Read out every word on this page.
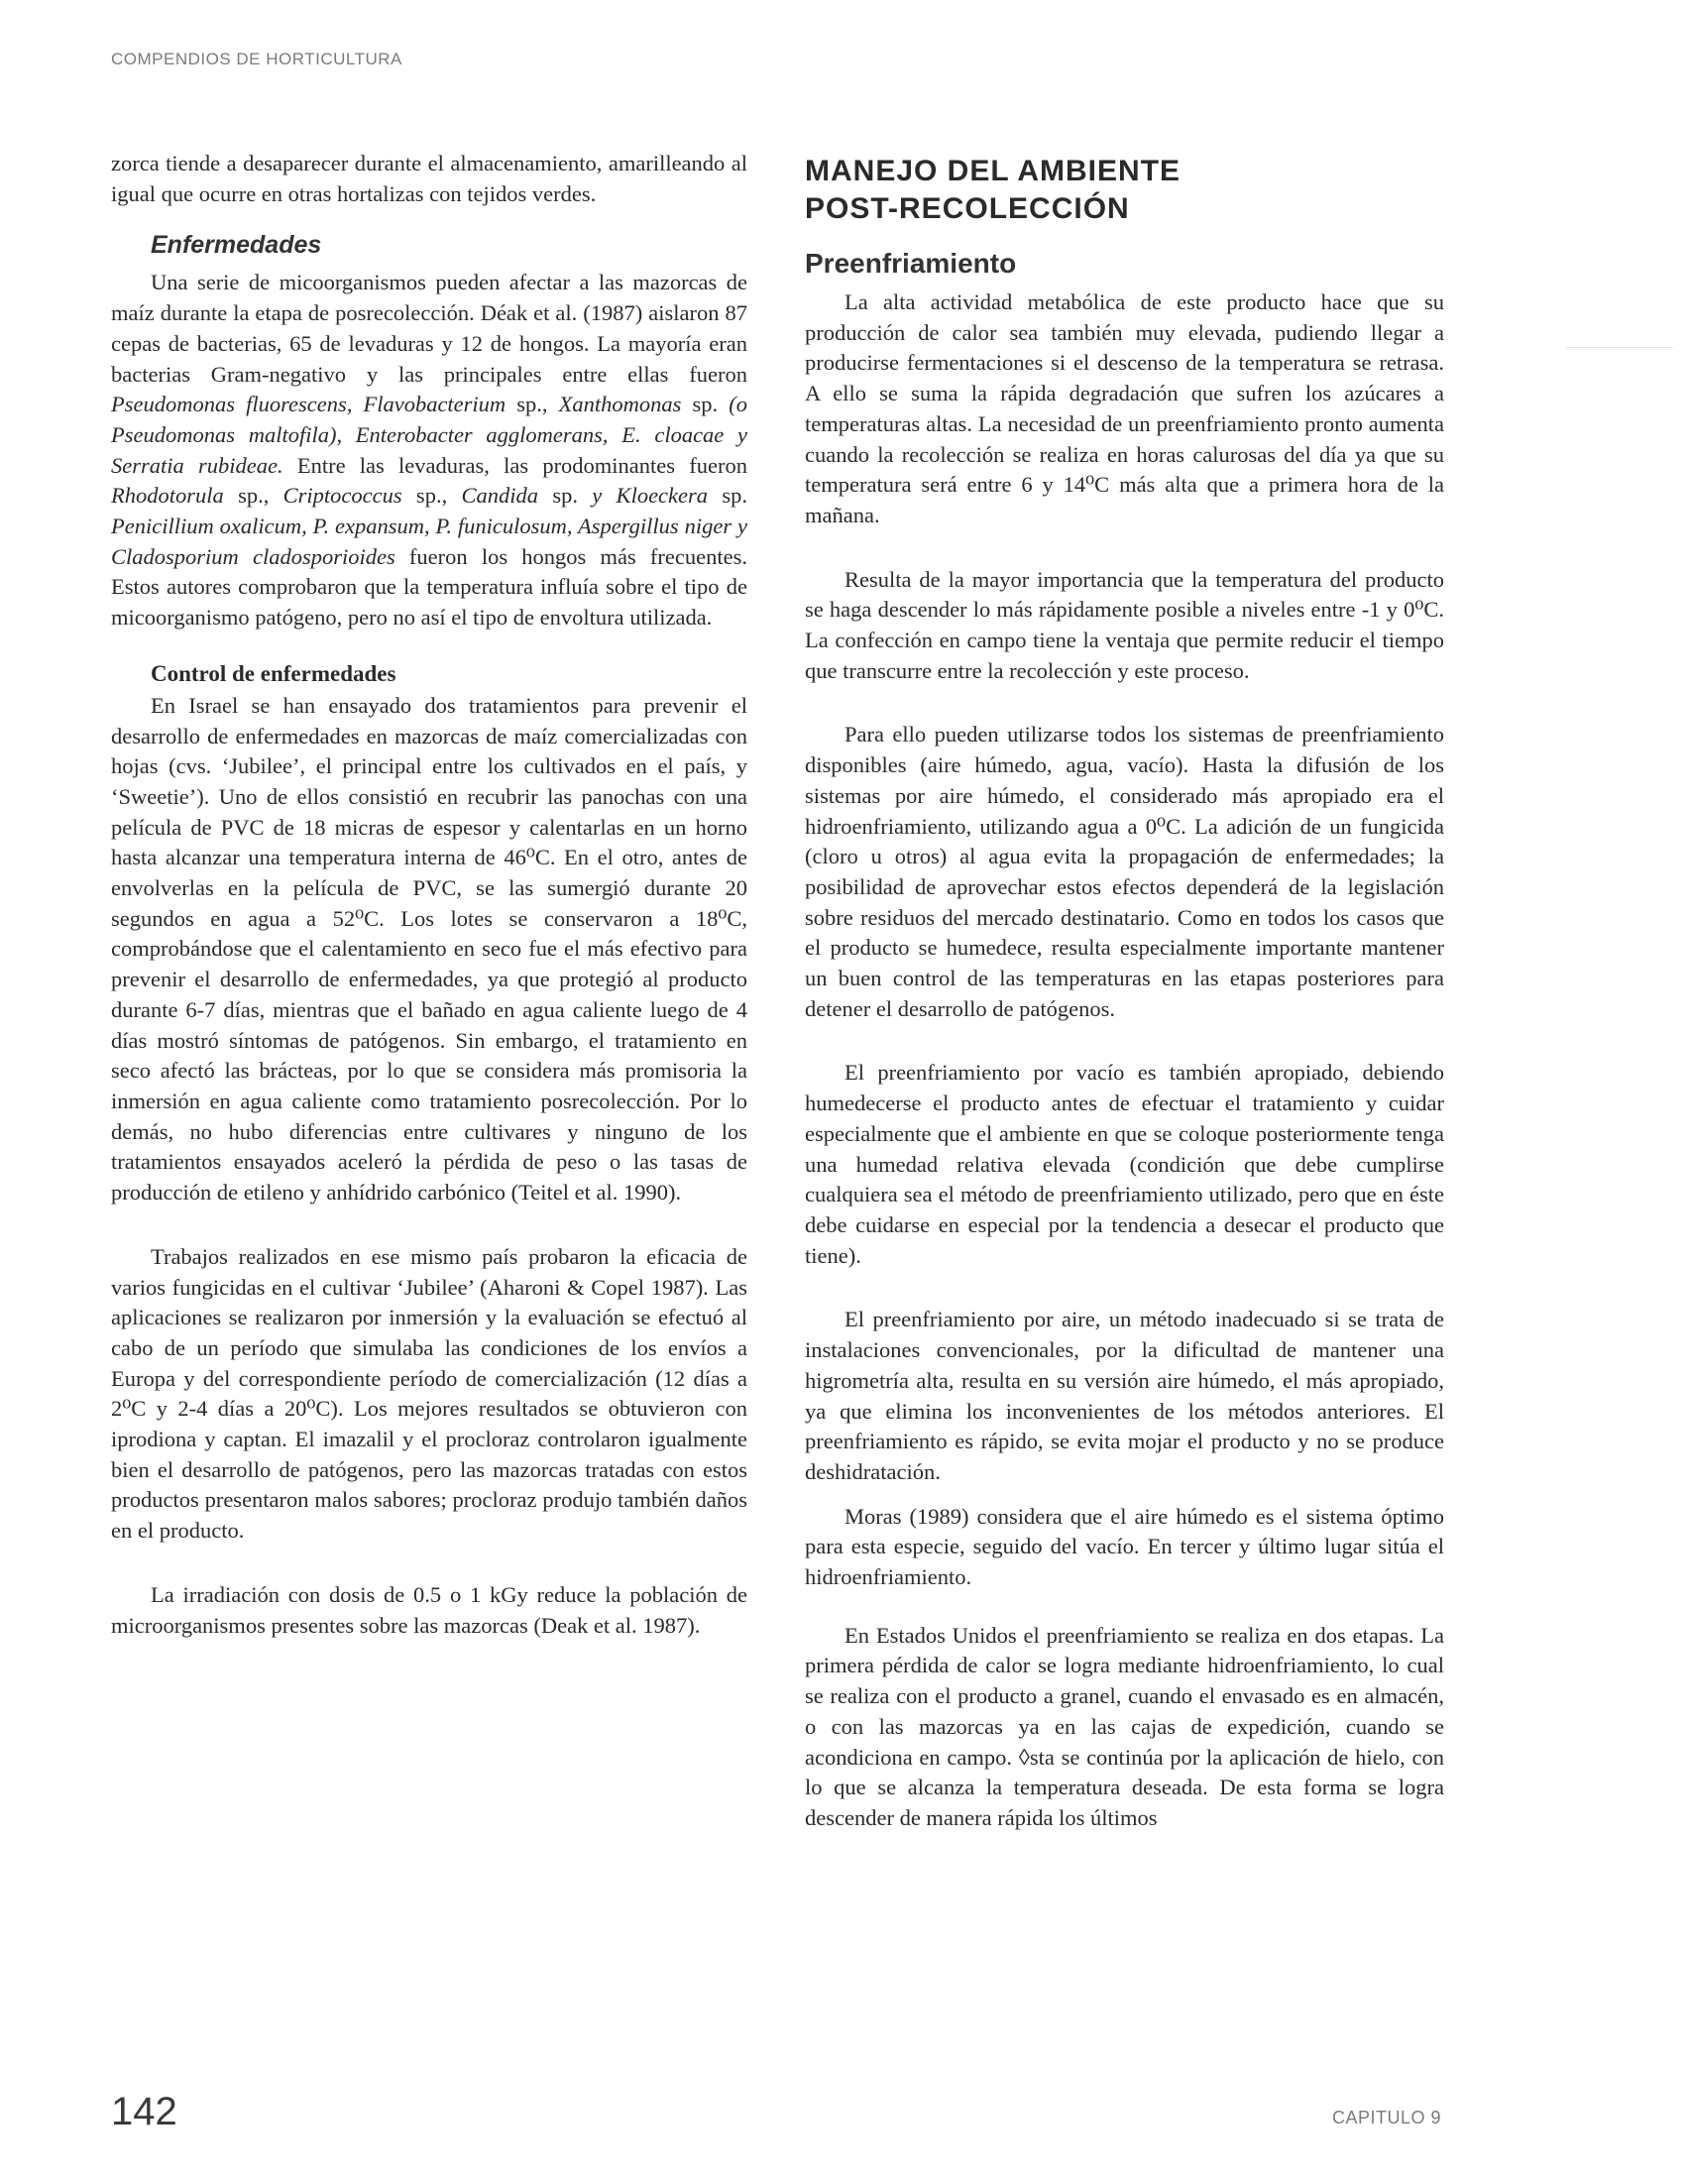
COMPENDIOS DE HORTICULTURA

zorca tiende a desaparecer durante el almacenamiento, amarilleando al igual que ocurre en otras hortalizas con tejidos verdes.

Enfermedades

Una serie de micoorganismos pueden afectar a las mazorcas de maíz durante la etapa de posrecolección. Déak et al. (1987) aislaron 87 cepas de bacterias, 65 de levaduras y 12 de hongos. La mayoría eran bacterias Gram-negativo y las principales entre ellas fueron Pseudomonas fluorescens, Flavobacterium sp., Xanthomonas sp. (o Pseudomonas maltofila), Enterobacter agglomerans, E. cloacae y Serratia rubideae. Entre las levaduras, las prodominantes fueron Rhodotorula sp., Criptococcus sp., Candida sp. y Kloeckera sp. Penicillium oxalicum, P. expansum, P. funiculosum, Aspergillus niger y Cladosporium cladosporioides fueron los hongos más frecuentes. Estos autores comprobaron que la temperatura influía sobre el tipo de micoorganismo patógeno, pero no así el tipo de envoltura utilizada.

Control de enfermedades

En Israel se han ensayado dos tratamientos para prevenir el desarrollo de enfermedades en mazorcas de maíz comercializadas con hojas (cvs. ‘Jubilee’, el principal entre los cultivados en el país, y ‘Sweetie’). Uno de ellos consistió en recubrir las panochas con una película de PVC de 18 micras de espesor y calentarlas en un horno hasta alcanzar una temperatura interna de 46⁰C. En el otro, antes de envolverlas en la película de PVC, se las sumergió durante 20 segundos en agua a 52⁰C. Los lotes se conservaron a 18⁰C, comprobándose que el calentamiento en seco fue el más efectivo para prevenir el desarrollo de enfermedades, ya que protegió al producto durante 6-7 días, mientras que el bañado en agua caliente luego de 4 días mostró síntomas de patógenos. Sin embargo, el tratamiento en seco afectó las brácteas, por lo que se considera más promisoria la inmersión en agua caliente como tratamiento posrecolección. Por lo demás, no hubo diferencias entre cultivares y ninguno de los tratamientos ensayados aceleró la pérdida de peso o las tasas de producción de etileno y anhídrido carbónico (Teitel et al. 1990).

Trabajos realizados en ese mismo país probaron la eficacia de varios fungicidas en el cultivar ‘Jubilee’ (Aharoni & Copel 1987). Las aplicaciones se realizaron por inmersión y la evaluación se efectuó al cabo de un período que simulaba las condiciones de los envíos a Europa y del correspondiente período de comercialización (12 días a 2⁰C y 2-4 días a 20⁰C). Los mejores resultados se obtuvieron con iprodiona y captan. El imazalil y el procloraz controlaron igualmente bien el desarrollo de patógenos, pero las mazorcas tratadas con estos productos presentaron malos sabores; procloraz produjo también daños en el producto.

La irradiación con dosis de 0.5 o 1 kGy reduce la población de microorganismos presentes sobre las mazorcas (Deak et al. 1987).

MANEJO DEL AMBIENTE
POST-RECOLECCIÓN
Preenfriamiento

La alta actividad metabólica de este producto hace que su producción de calor sea también muy elevada, pudiendo llegar a producirse fermentaciones si el descenso de la temperatura se retrasa. A ello se suma la rápida degradación que sufren los azúcares a temperaturas altas. La necesidad de un preenfriamiento pronto aumenta cuando la recolección se realiza en horas calurosas del día ya que su temperatura será entre 6 y 14⁰C más alta que a primera hora de la mañana.

Resulta de la mayor importancia que la temperatura del producto se haga descender lo más rápidamente posible a niveles entre -1 y 0⁰C. La confección en campo tiene la ventaja que permite reducir el tiempo que transcurre entre la recolección y este proceso.

Para ello pueden utilizarse todos los sistemas de preenfriamiento disponibles (aire húmedo, agua, vacío). Hasta la difusión de los sistemas por aire húmedo, el considerado más apropiado era el hidroenfriamiento, utilizando agua a 0⁰C. La adición de un fungicida (cloro u otros) al agua evita la propagación de enfermedades; la posibilidad de aprovechar estos efectos dependerá de la legislación sobre residuos del mercado destinatario. Como en todos los casos que el producto se humedece, resulta especialmente importante mantener un buen control de las temperaturas en las etapas posteriores para detener el desarrollo de patógenos.

El preenfriamiento por vacío es también apropiado, debiendo humedecerse el producto antes de efectuar el tratamiento y cuidar especialmente que el ambiente en que se coloque posteriormente tenga una humedad relativa elevada (condición que debe cumplirse cualquiera sea el método de preenfriamiento utilizado, pero que en éste debe cuidarse en especial por la tendencia a desecar el producto que tiene).

El preenfriamiento por aire, un método inadecuado si se trata de instalaciones convencionales, por la dificultad de mantener una higrometría alta, resulta en su versión aire húmedo, el más apropiado, ya que elimina los inconvenientes de los métodos anteriores. El preenfriamiento es rápido, se evita mojar el producto y no se produce deshidratación.

Moras (1989) considera que el aire húmedo es el sistema óptimo para esta especie, seguido del vacío. En tercer y último lugar sitúa el hidroenfriamiento.

En Estados Unidos el preenfriamiento se realiza en dos etapas. La primera pérdida de calor se logra mediante hidroenfriamiento, lo cual se realiza con el producto a granel, cuando el envasado es en almacén, o con las mazorcas ya en las cajas de expedición, cuando se acondiciona en campo. ◊sta se continúa por la aplicación de hielo, con lo que se alcanza la temperatura deseada. De esta forma se logra descender de manera rápida los últimos

142	CAPITULO 9
